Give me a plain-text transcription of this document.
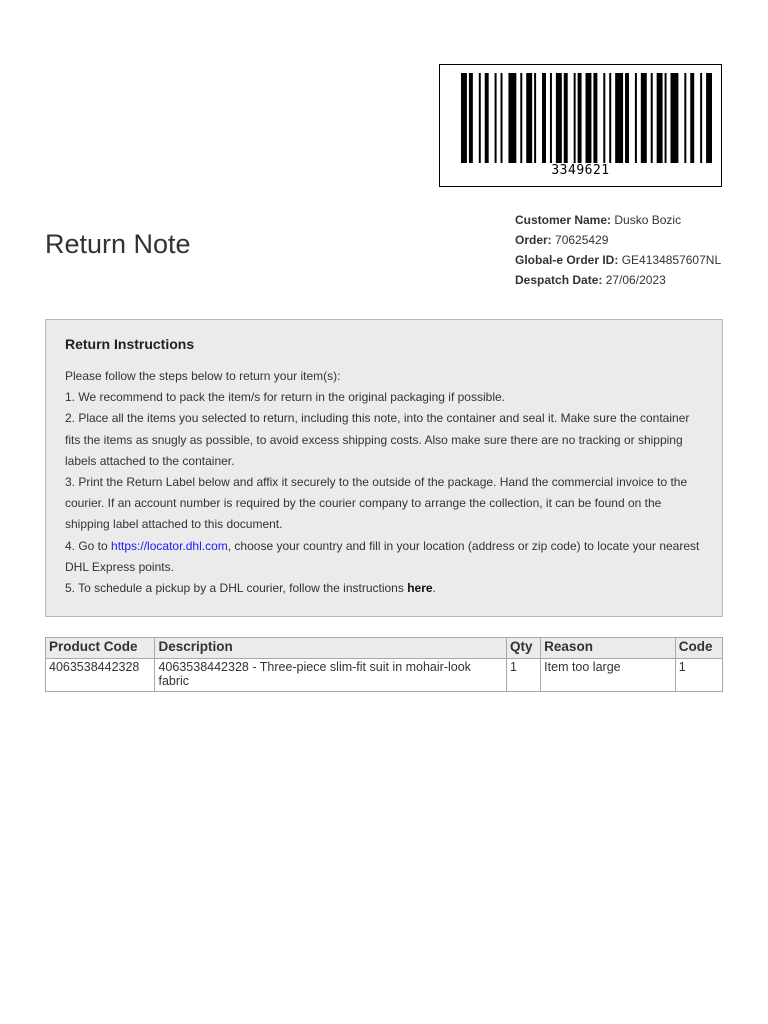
3349621
Return Note
Customer Name: Dusko Bozic
Order: 70625429
Global-e Order ID: GE4134857607NL
Despatch Date: 27/06/2023
Return Instructions

Please follow the steps below to return your item(s):

1. We recommend to pack the item/s for return in the original packaging if possible.

2. Place all the items you selected to return, including this note, into the container and seal it. Make sure the container fits the items as snugly as possible, to avoid excess shipping costs. Also make sure there are no tracking or shipping labels attached to the container.

3. Print the Return Label below and affix it securely to the outside of the package. Hand the commercial invoice to the courier. If an account number is required by the courier company to arrange the collection, it can be found on the shipping label attached to this document.

4. Go to https://locator.dhl.com, choose your country and fill in your location (address or zip code) to locate your nearest DHL Express points.

5. To schedule a pickup by a DHL courier, follow the instructions here.

Product Code	Description	Qty	Reason	Code
4063538442328	4063538442328 - Three-piece slim-fit suit in mohair-look fabric	1	Item too large	1
